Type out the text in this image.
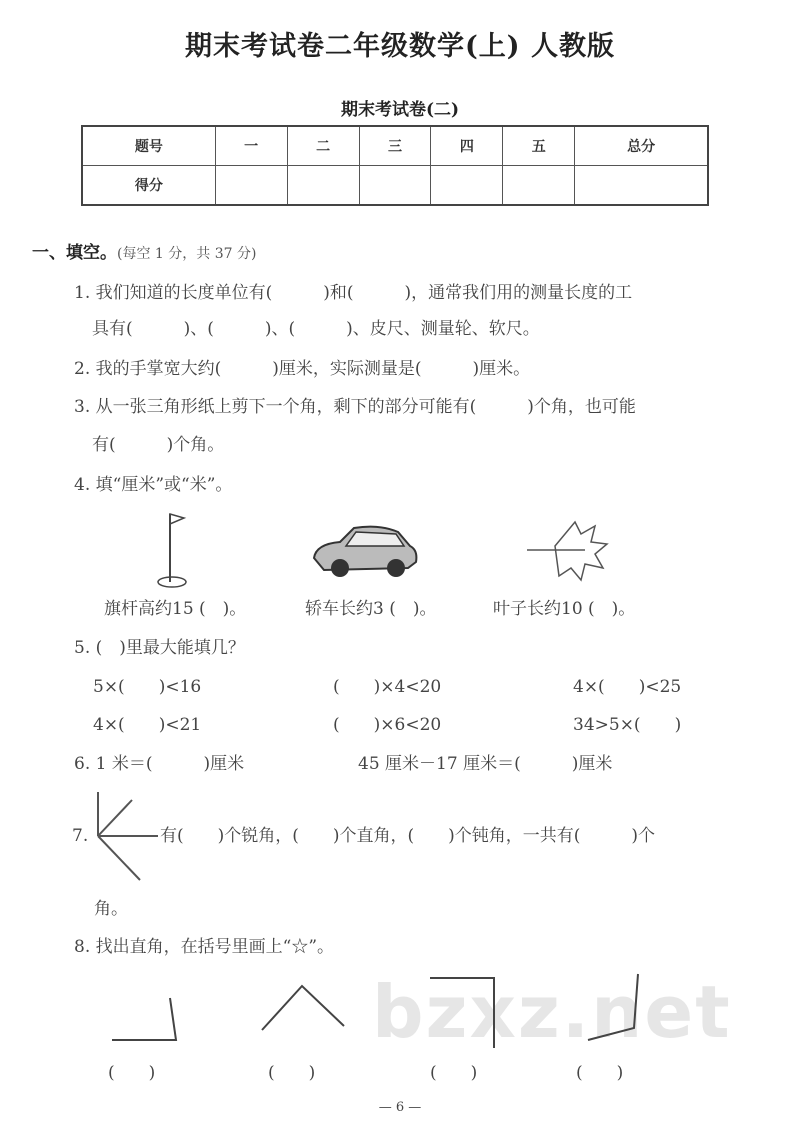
期末考试卷二年级数学(上) 人教版
期末考试卷(二)
题号	一	二	三	四	五	总分
得分						
一、填空。(每空 1 分，共 37 分)
1. 我们知道的长度单位有(　　　)和(　　　)，通常我们用的测量长度的工
具有(　　　)、(　　　)、(　　　)、皮尺、测量轮、软尺。
2. 我的手掌宽大约(　　　)厘米，实际测量是(　　　)厘米。
3. 从一张三角形纸上剪下一个角，剩下的部分可能有(　　　)个角，也可能
有(　　　)个角。
4. 填“厘米”或“米”。
旗杆高约15 (　)。	轿车长约3 (　)。	叶子长约10 (　)。
5. (　)里最大能填几？
5×(　　)<16	(　　)×4<20	4×(　　)<25
4×(　　)<21	(　　)×6<20	34>5×(　　)
6. 1 米＝(　　　)厘米	45 厘米－17 厘米＝(　　　)厘米
7.	有(　　)个锐角，(　　)个直角，(　　)个钝角，一共有(　　　)个
角。
8. 找出直角，在括号里画上“☆”。
bzxz.net
(　　)	(　　)	(　　)	(　　)
— 6 —
